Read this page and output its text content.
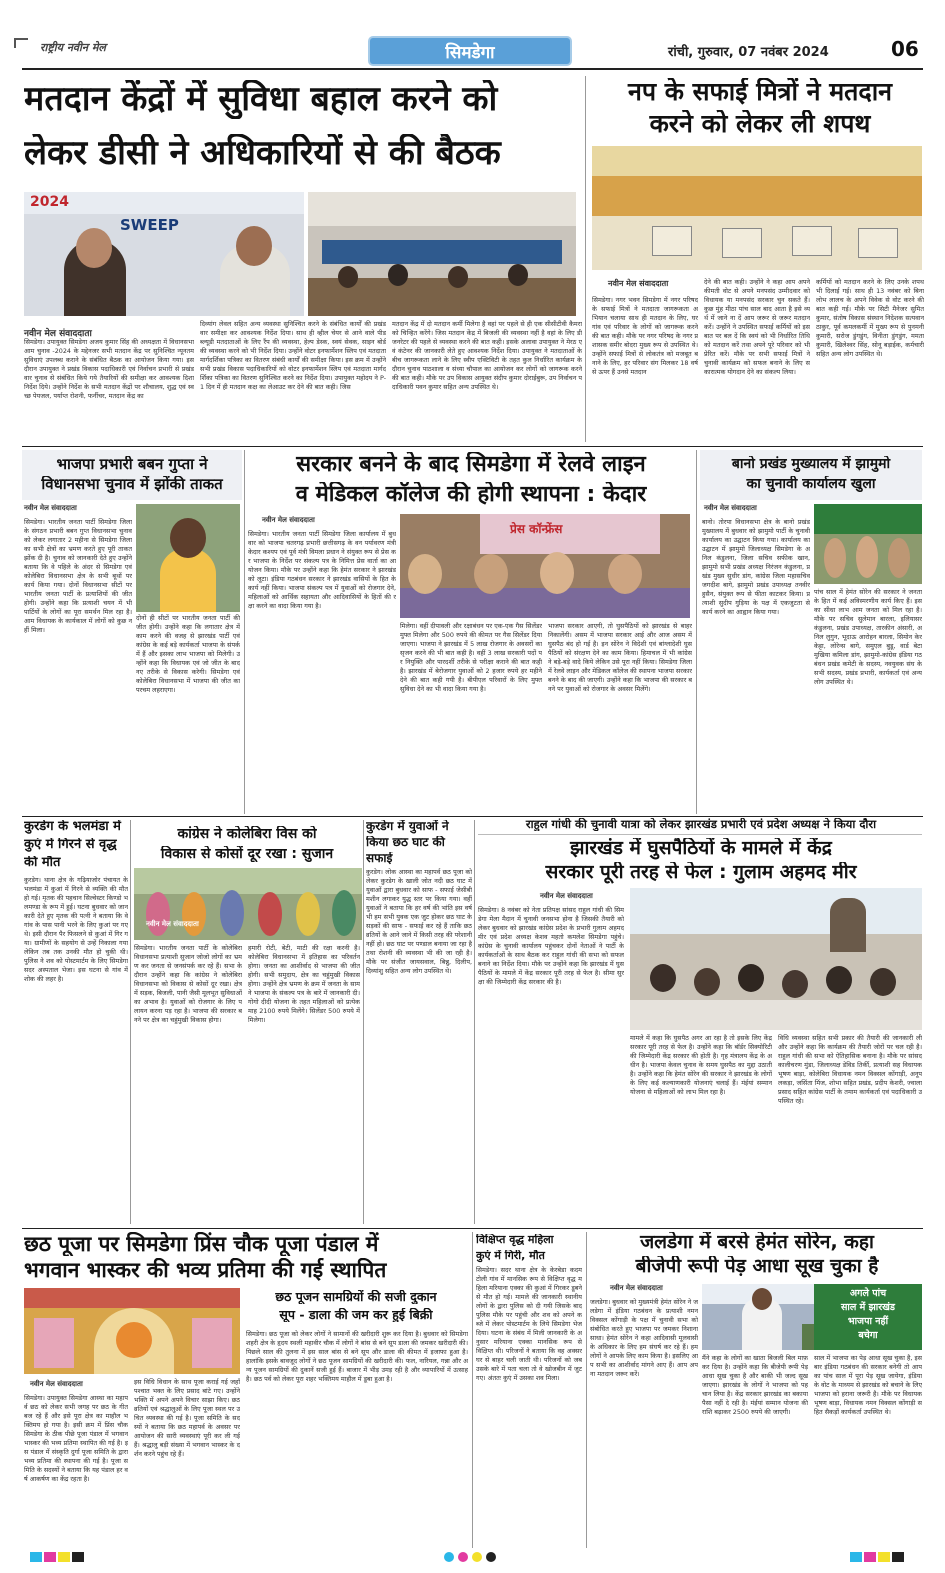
राष्ट्रीय नवीन मेल	सिमडेगा	रांची, गुरुवार, 07 नवंबर 2024	06
मतदान केंद्रों में सुविधा बहाल करने को
लेकर डीसी ने अधिकारियों से की बैठक
2024
SWEEP
नवीन मेल संवाददाता
सिमडेगा। उपायुक्त सिमडेगा अजय कुमार सिंह की अध्यक्षता में विधानसभा आम चुनाव -2024 के मद्देनजर सभी मतदान केंद्र पर सुनिश्चित न्यूनतम सुविधाएं उपलब्ध कराने के संबंधित बैठक का आयोजन किया गया। इस दौरान उपायुक्त ने प्रखंड विकास पदाधिकारी एवं निर्वाचन प्रभारी से प्रखंड वार चुनाव से संबंधित किये गये तैयारियों की समीक्षा कर आवश्यक दिशा निर्देश दिये। उन्होंने निर्देश के सभी मतदान केंद्रों पर शौचालय, शुद्ध एवं स्वच्छ पेयजल, पर्याप्त रोशनी, फर्नीचर, मतदान केंद्र का
दिव्यांग लेवल सहित अन्य व्यवस्था सुनिश्चित करने के संबंधित कार्यों की प्रखंड वार समीक्षा कर आवश्यक निर्देश दिया। साथ ही व्हील चेयर से आने वाले पीडब्ल्यूडी मतदाताओं के लिए रैंप की व्यवस्था, हेल्प डेस्क, स्वयं सेवक, साइन बोर्ड की व्यवस्था करने को भी निर्देश दिया। उन्होंने वोटर इनफार्मेशन स्लिप एवं मतदाता मार्गदर्शिका पत्रिका का वितरण संबंधी कार्यों की समीक्षा किया। इस क्रम में उन्होंने सभी प्रखंड विकास पदाधिकारियों को वोटर इनफार्मेशन स्लिप एवं मतदाता मार्गदर्शिका पत्रिका का वितरण सुनिश्चित करने का निर्देश दिया। उपायुक्त महोदय ने P-1 दिन में ही मतदान कक्ष का लेआउट कर देने की बात कही। जिस
मतदान केंद्र में दो मतदान कर्मी मिलेगा है वहां पर पहले से ही एक सीसीटीवी कैमरा को चिन्हित करेंगे। जिस मतदान केंद्र में बिजली की व्यवस्था नहीं है वहां के लिए डी जनरेटर की पहले से व्यवस्था करने की बात कही। इसके अलावा उपायुक्त ने मेरठ एवं कंटेनर की जानकारी लेते हुए आवश्यक निर्देश दिया। उपायुक्त ने मतदाताओं के बीच जागरूकता लाने के लिए स्वीप एक्टिविटी के तहत कुल निर्धारित कार्यक्रम के दौरान चुनाव पाठशाला व संध्या चौपाल का आयोजन कर लोगों को जागरूक करने की बात कही। मौके पर उप विकास आयुक्त संदीप कुमार दोराईबुरू, उप निर्वाचन पदाधिकारी पवन कुमार सहित अन्य उपस्थित थे।
नप के सफाई मित्रों ने मतदान
करने को लेकर ली शपथ
नवीन मेल संवाददाता
सिमडेगा। नगर भवन सिमडेगा में नगर परिषद के सफाई मित्रों ने मतदाता जागरूकता अभियान चलाया साथ ही मतदान के लिए, घर गांव एवं परिवार के लोगों को जागरूक करने की बात कही। मौके पर नगर परिषद के नगर प्रशासक समीर बोदरा मुख्य रूप से उपस्थित थे। उन्होंने सफाई मित्रों से लोकतंत्र को मजबूत बनाने के लिए, हर परिवार संग मिलकर 18 वर्ष से ऊपर हैं उनसे मतदान
देने की बात कही। उन्होंने ने कहा आप अपने कीमती वोट से अपने मनपसंद उम्मीदवार को विधायक या मनपसंद सरकार चुन सकते हैं। कुछ मुंह मीठा पांच साल बाद आता है इसे व्यर्थ में जाने ना दें आप जरूर से जरूर मतदान करें। उन्होंने ने उपस्थित सफाई कर्मियों को इस बात पर बल दें कि स्वयं को भी निर्धारित तिथि को मतदान करें तथा अपने पूरे परिवार को भी प्रेरित करें। मौके पर सभी सफाई मित्रों ने चुनावी कार्यक्रम को सफल बनाने के लिए सकारात्मक योगदान देने का संकल्प लिया।
कर्मियों को मतदान करने के लिए उनके शपथ भी दिलाई गई। साथ ही 13 नवंबर को बिना लोभ लालच के अपने विवेक से वोट करने की बात कही गई। मौके पर सिटी मैनेजर सुमित कुमार, संतोष विकास संस्थान निदेशक सत्यवान ठाकुर, पूर्व कमलकर्मी में मुख्य रूप से पुनमनी कुमारी, सरोज डुंगडुंग, विनीता डुंगडुंग, ममता कुमारी, खिलेश्वर सिंह, सोनू बड़ाईक, कर्मचारी सहित अन्य लोग उपस्थित थे।
भाजपा प्रभारी बबन गुप्ता ने
विधानसभा चुनाव में झोंकी ताकत
नवीन मेल संवाददाता
सिमडेगा। भारतीय जनता पार्टी सिमडेगा जिला के संगठन प्रभारी बबन गुप्त विधानसभा चुनाव को लेकर लगातार 2 महीना से सिमडेगा जिला का सभी क्षेत्रों का भ्रमण करते हुए पूरी ताकत झोंक दी है। चुनाव को जानकारी देते हुए उन्होंने बताया कि वे पहिले के अंदर से सिमडेगा एवं कोलेबिरा विधानसभा क्षेत्र के सभी बूथों पर कार्य किया गया। दोनों विधानसभा सीटों पर भारतीय जनता पार्टी के प्रत्याशियों की जीत होगी। उन्होंने कहा कि प्रत्याशी चयन में भी पार्टियों के लोगों का पूरा समर्थन मिल रहा है। आम विधायक के कार्यकाल में लोगों को कुछ नहीं मिला।
दोनों ही सीटों पर भारतीय जनता पार्टी की जीत होगी। उन्होंने कहा कि लगातार क्षेत्र में काम करने की वजह से झारखंड पार्टी एवं कांग्रेस के कई बड़े कार्यकर्ता भाजपा के संपर्क में हैं और इसका लाभ भाजपा को मिलेगी। उन्होंने कहा कि विधायक एवं जो जीत के बाद नए तरीके से विकास करेगी। सिमडेगा एवं कोलेबिरा विधानसभा में भाजपा की जीत का परचम लहराएगा।
सरकार बनने के बाद सिमडेगा में रेलवे लाइन
व मेडिकल कॉलेज की होगी स्थापना : केदार
नवीन मेल संवाददाता
सिमडेगा। भारतीय जनता पार्टी सिमडेगा जिला कार्यालय में बुधवार को भाजपा चतरगढ़ प्रभारी छत्तीसगढ़ के वन पर्यावरण मंत्री केदार कश्यप एवं पूर्व मंत्री विमला प्रधान ने संयुक्त रूप से प्रेस कर भाजपा के निर्देश पर संकल्प पत्र के निमित्त प्रेस वार्ता का आयोजन किया। मौके पर उन्होंने कहा कि हेमंत सरकार ने झारखंड को लूटा। इंडिया गठबंधन सरकार ने झारखंड वासियों के हित के कार्य नहीं किया। भाजपा संकल्प पत्र में युवाओं को रोजगार देने, महिलाओं को आर्थिक सहायता और आदिवासियों के हितों की रक्षा करने का वादा किया गया है।
प्रेस कॉन्फ्रेंस
मिलेगा। वहीं दीपावली और रक्षाबंधन पर एक-एक गैस सिलेंडर मुफ्त मिलेगा और 500 रुपये की कीमत पर गैस सिलेंडर दिया जाएगा। भाजपा ने झारखंड में 5 लाख रोजगार के अवसरों का सृजन करने की भी बात कही है। वहीं 3 लाख सरकारी पदों पर नियुक्ति और पारदर्शी तरीके से परीक्षा कराने की बात कही है। झारखंड में बेरोजगार युवाओं को 2 हजार रुपये हर महीने देने की बात कही गयी है। बीपीएल परिवारों के लिए मुफ्त सुविधा देने का भी वादा किया गया है।
भाजपा सरकार आएगी, तो घुसपैठियों को झारखंड से बाहर निकालेंगी। असम में भाजपा सरकार आई और आज असम में घुसपैठ बंद हो गई है। इन सोरेन ने विदेशी एवं बांग्लादेशी घुसपैठियों को संरक्षण देने का काम किया। हिमाचल में भी कांग्रेस ने बड़े-बड़े वादे किये लेकिन उसे पूरा नहीं किया। सिमडेगा जिला में रेलवे लाइन और मेडिकल कॉलेज की स्थापना भाजपा सरकार बनने के बाद की जाएगी। उन्होंने कहा कि भाजपा की सरकार बनने पर युवाओं को रोजगार के अवसर मिलेंगे।
बानो प्रखंड मुख्यालय में झामुमो
का चुनावी कार्यालय खुला
नवीन मेल संवाददाता
बानो। तोरपा विधानसभा क्षेत्र के बानो प्रखंड मुख्यालय में बुधवार को झामुमो पार्टी के चुनावी कार्यालय का उद्घाटन किया गया। कार्यालय का उद्घाटन में झामुमो जिलाध्यक्ष सिमडेगा के अनिल कंडुलना, जिला सचिव सफीक खान, झामुमो सभी प्रखंड अध्यक्ष निरंजन कंडुलना, प्रखंड मुख्य सुधीर डांग, कांग्रेस जिला महासचिव जगदीश बागे, झामुमो प्रखंड उपाध्यक्ष तनवीर हुसैन, संयुक्त रूप से फीता काटकर किया। प्रत्याशी सुदीप गुड़िया के पक्ष में एकजुटता से कार्य करने का आह्वान किया गया।
पांच साल में हेमंत सोरेन की सरकार ने जनता के हित में कई अविस्मरणीय कार्य किए हैं। इसका सीधा लाभ आम जनता को मिल रहा है। मौके पर सचिव सुलेमान बारला, इलियासर कंडुलना, प्रखंड उपाध्यक्ष, तारकीन अंसारी, अनिल लुगुन, भूदाऊ आरोहन बारला, सिमोन केरकेट्टा, लोरेन्स बागे, समुएल बुडू, वार्ड बेटा मुखिया कमिला डांग, झामुमो-कांग्रेस इंडिया गठबंधन प्रखंड कमेटी के सदस्य, नवयुवक संघ के सभी सदस्य, प्रखंड प्रभारी, कार्यकर्ता एवं अन्य लोग उपस्थित थे।
कुरडेग के भलमंडा में
कुएं में गिरने से वृद्ध
की मौत
कुरडेग। थाना क्षेत्र के गढ़ियाजोर पंचायत के भलमंडा में कुआं में गिरने से व्यक्ति की मौत हो गई। मृतक की पहचान सिल्वेस्टर किण्डो भलमण्डा के रूप में हुई। घटना बुधवार को जानकारी देते हुए मृतक की पत्नी ने बताया कि वे गांव के पास पानी भरने के लिए कुआं पर गए थे। इसी दौरान पैर फिसलने से कुआं में गिर गया। ग्रामीणों के सहयोग से उन्हें निकाला गया लेकिन तब तक उनकी मौत हो चुकी थी। पुलिस ने शव को पोस्टमार्टम के लिए सिमडेगा सदर अस्पताल भेजा। इस घटना से गांव में शोक की लहर है।
कांग्रेस ने कोलेबिरा विस को
विकास से कोसों दूर रखा : सुजान
नवीन मेल संवाददाता
सिमडेगा। भारतीय जनता पार्टी के कोलेबिरा विधानसभा प्रत्याशी सुजान जोजो लोगों का भ्रमण कर जनता से जनसंपर्क कर रहे हैं। सभा के दौरान उन्होंने कहा कि कांग्रेस ने कोलेबिरा विधानसभा को विकास से कोसों दूर रखा। क्षेत्र में सड़क, बिजली, पानी जैसी मूलभूत सुविधाओं का अभाव है। युवाओं को रोजगार के लिए पलायन करना पड़ रहा है। भाजपा की सरकार बनने पर क्षेत्र का चहुंमुखी विकास होगा।
हमारी रोटी, बेटी, माटी की रक्षा करनी है। कोलेबिरा विधानसभा में इतिहास का परिवर्तन होगा। जनता का आशीर्वाद से भाजपा की जीत होगी। सभी समुदाय, क्षेत्र का चहुंमुखी विकास होगा। उन्होंने क्षेत्र भ्रमण के क्रम में जनता के सामने भाजपा के संकल्प पत्र के बारे में जानकारी दी। गोगो दीदी योजना के तहत महिलाओं को प्रत्येक माह 2100 रुपये मिलेंगे। सिलेंडर 500 रुपये में मिलेगा।
कुरडेग में युवाओं ने
किया छठ घाट की
सफाई
कुरडेग। लोक आस्था का महापर्व छठ पूजा को लेकर कुरडेग के खाली जोत नदी छठ घाट में युवाओं द्वारा बुधवार को साफ - सफाई जेसीबी मशीन लगाकर युद्ध स्तर पर किया गया। वहीं युवाओं ने बताया कि हर वर्ष की भांति इस वर्ष भी हम सभी युवक एक जुट होकर छठ घाट के सड़कों की साफ - सफाई कर रहे हैं ताकि छठ व्रतियों के आने जाने में किसी तरह की परेशानी नहीं हो। छठ घाट पर पण्डाल बनाया जा रहा है तथा रोशनी की व्यवस्था भी की जा रही है। मौके पर संजीत जायसवाल, बिन्नु, दिलीप, दिव्यांशु सहित अन्य लोग उपस्थित थे।
राहुल गांधी की चुनावी यात्रा को लेकर झारखंड प्रभारी एवं प्रदेश अध्यक्ष ने किया दौरा
झारखंड में घुसपैठियों के मामले में केंद्र
सरकार पूरी तरह से फेल : गुलाम अहमद मीर
नवीन मेल संवाददाता
सिमडेगा। 8 नवंबर को नेता प्रतिपक्ष सांसद राहुल गांधी की सिमडेगा मेला मैदान में चुनावी जनसभा होना है जिसकी तैयारी को लेकर बुधवार को झारखंड कांग्रेस प्रदेश के प्रभारी गुलाम अहमद मीर एवं प्रदेश अध्यक्ष केशव महतो कमलेश सिमडेगा पहुंचे। कांग्रेस के चुनावी कार्यालय पहुंचकर दोनों नेताओं ने पार्टी के कार्यकर्ताओं के साथ बैठक कर राहुल गांधी की सभा को सफल बनाने का निर्देश दिया। मौके पर उन्होंने कहा कि झारखंड में घुसपैठियों के मामले में केंद्र सरकार पूरी तरह से फेल है। सीमा सुरक्षा की जिम्मेदारी केंद्र सरकार की है।
मामले में कहा कि घुसपैठ अगर आ रहा है तो इसके लिए केंद्र सरकार पूरी तरह से फेल है। उन्होंने कहा कि बॉर्डर सिक्योरिटी की जिम्मेदारी केंद्र सरकार की होती है। गृह मंत्रालय केंद्र के अधीन है। भाजपा केवल चुनाव के समय घुसपैठ का मुद्दा उठाती है। उन्होंने कहा कि हेमंत सोरेन की सरकार ने झारखंड के लोगों के लिए कई कल्याणकारी योजनाएं चलाई हैं। मंईयां सम्मान योजना से महिलाओं को लाभ मिल रहा है।
विधि व्यवस्था सहित सभी प्रकार की तैयारी की जानकारी ली और उन्होंने कहा कि कार्यक्रम की तैयारी जोरों पर चल रही है। राहुल गांधी की सभा को ऐतिहासिक बनाना है। मौके पर सांसद कालीचरण मुंडा, जिलाध्यक्ष डेविड तिर्की, प्रत्याशी सह विधायक भूषण बाड़ा, कोलेबिरा विधायक नमन विक्सल कोंगाड़ी, अनूप लकड़ा, जसिंता मिंज, शोभा सहित प्रखंड, प्रदीप केशरी, ज्वाला प्रसाद सहित कांग्रेस पार्टी के तमाम कार्यकर्ता एवं पदाधिकारी उपस्थित रहे।
छठ पूजा पर सिमडेगा प्रिंस चौक पूजा पंडाल में
भगवान भास्कर की भव्य प्रतिमा की गई स्थापित
नवीन मेल संवाददाता
सिमडेगा। उपायुक्त सिमडेगा आस्था का महापर्व छठ को लेकर सभी जगह पर छठ के गीत बज रहे हैं और इसे पूरा क्षेत्र का माहौल भक्तिमय हो गया है। इसी क्रम में प्रिंस चौक सिमडेगा के ठीक पीछे पूजा पंडाल में भगवान भास्कर की भव्य प्रतिमा स्थापित की गई है। इस पंडाल में संस्कृति दुर्गा पूजा समिति के द्वारा भव्य प्रतिमा की स्थापना की गई है। पूजा समिति के सदस्यों ने बताया कि यह पंडाल हर वर्ष आकर्षण का केंद्र रहता है।
इस विधि विधान के साथ पूजा कराई गई जहाँ पश्चात भक्त के लिए प्रसाद बांटे गए। उन्होंने भक्ति में अपने अपने विचार साझा किए। छठ व्रतियों एवं श्रद्धालुओं के लिए पूजा स्थल पर उचित व्यवस्था की गई है। पूजा समिति के सदस्यों ने बताया कि छठ महापर्व के अवसर पर आयोजन की सारी व्यवस्थाएं पूरी कर ली गई हैं। श्रद्धालु बड़ी संख्या में भगवान भास्कर के दर्शन करने पहुंच रहे हैं।
छठ पूजन सामग्रियों की सजी दुकान
सूप - डाला की जम कर हुई बिक्री
सिमडेगा। छठ पूजा को लेकर लोगों ने सामानों की खरीदारी शुरू कर दिया है। बुधवार को सिमडेगा शहरी क्षेत्र के हृदय स्थली महावीर चौक में लोगों ने बांस से बने सूप डाला की जमकर खरीदारी की। पिछले साल की तुलना में इस साल बांस से बने सूप और डाला की कीमत में इजाफा हुआ है। हालांकि इसके बावजूद लोगों ने छठ पूजन सामग्रियों की खरीदारी की। फल, नारियल, गन्ना और अन्य पूजन सामग्रियों की दुकानें सजी हुई हैं। बाजार में भीड़ उमड़ रही है और व्यापारियों में उत्साह है। छठ पर्व को लेकर पूरा शहर भक्तिमय माहौल में डूबा हुआ है।
विक्षिप्त वृद्ध महिला
कुएं में गिरी, मौत
सिमडेगा। सदर थाना क्षेत्र के केरबेडा कदमटोली गांव में मानसिक रूप से विक्षिप्त वृद्ध महिला मरियाना एक्का की कुआं में गिरकर डूबने से मौत हो गई। मामले की जानकारी स्थानीय लोगों के द्वारा पुलिस को दी गयी जिसके बाद पुलिस मौके पर पहुंची और शव को अपने कब्जे में लेकर पोस्टमार्टम के लिये सिमडेगा भेज दिया। घटना के संबंध में मिली जानकारी के अनुसार मरियाना एक्का मानसिक रूप से विक्षिप्त थी। परिजनों ने बताया कि वह अक्सर घर से बाहर चली जाती थी। परिजनों को जब उसके बारे में पता चला तो वे खोजबीन में जुट गए। अंततः कुएं में उसका शव मिला।
जलडेगा में बरसे हेमंत सोरेन, कहा
बीजेपी रूपी पेड़ आधा सूख चुका है
नवीन मेल संवाददाता
जलडेगा। बुधवार को मुख्यमंत्री हेमंत सोरेन ने जलडेगा में इंडिया गठबंधन के प्रत्याशी नमन विक्सल कोंगाड़ी के पक्ष में चुनावी सभा को संबोधित करते हुए भाजपा पर जमकर निशाना साधा। हेमंत सोरेन ने कहा आदिवासी मूलवासी के अधिकार के लिए हम संघर्ष कर रहे हैं। हम लोगों ने आपके लिए काम किया है। इसलिए आप सभी का आशीर्वाद मांगने आए हैं। आप अपना मतदान जरूर करें।
अगले पांच
साल में झारखंड
भाजपा नहीं
बचेगा
मैंने कहा के लोगों का खाता बिजली बिल माफ़ कर दिया है। उन्होंने कहा कि बीजेपी रूपी पेड़ आधा सूख चुका है और बाकी भी जल्द सूख जाएगा। झारखंड के लोगों ने भाजपा को पहचान लिया है। केंद्र सरकार झारखंड का बकाया पैसा नहीं दे रही है। मंईयां सम्मान योजना की राशि बढ़ाकर 2500 रुपये की जाएगी।
साल में भाजपा का पेड़ आधा सूख चुका है, इस बार इंडिया गठबंधन की सरकार बनेगी तो आपका पांच साल में पूरा पेड़ सूख जायेगा, इंडिया के वोट के माध्यम से झारखंड को बचाने के लिए भाजपा को हराना जरूरी है। मौके पर विधायक भूषण बाड़ा, विधायक नमन विक्सल कोंगाड़ी सहित सैकड़ों कार्यकर्ता उपस्थित थे।
